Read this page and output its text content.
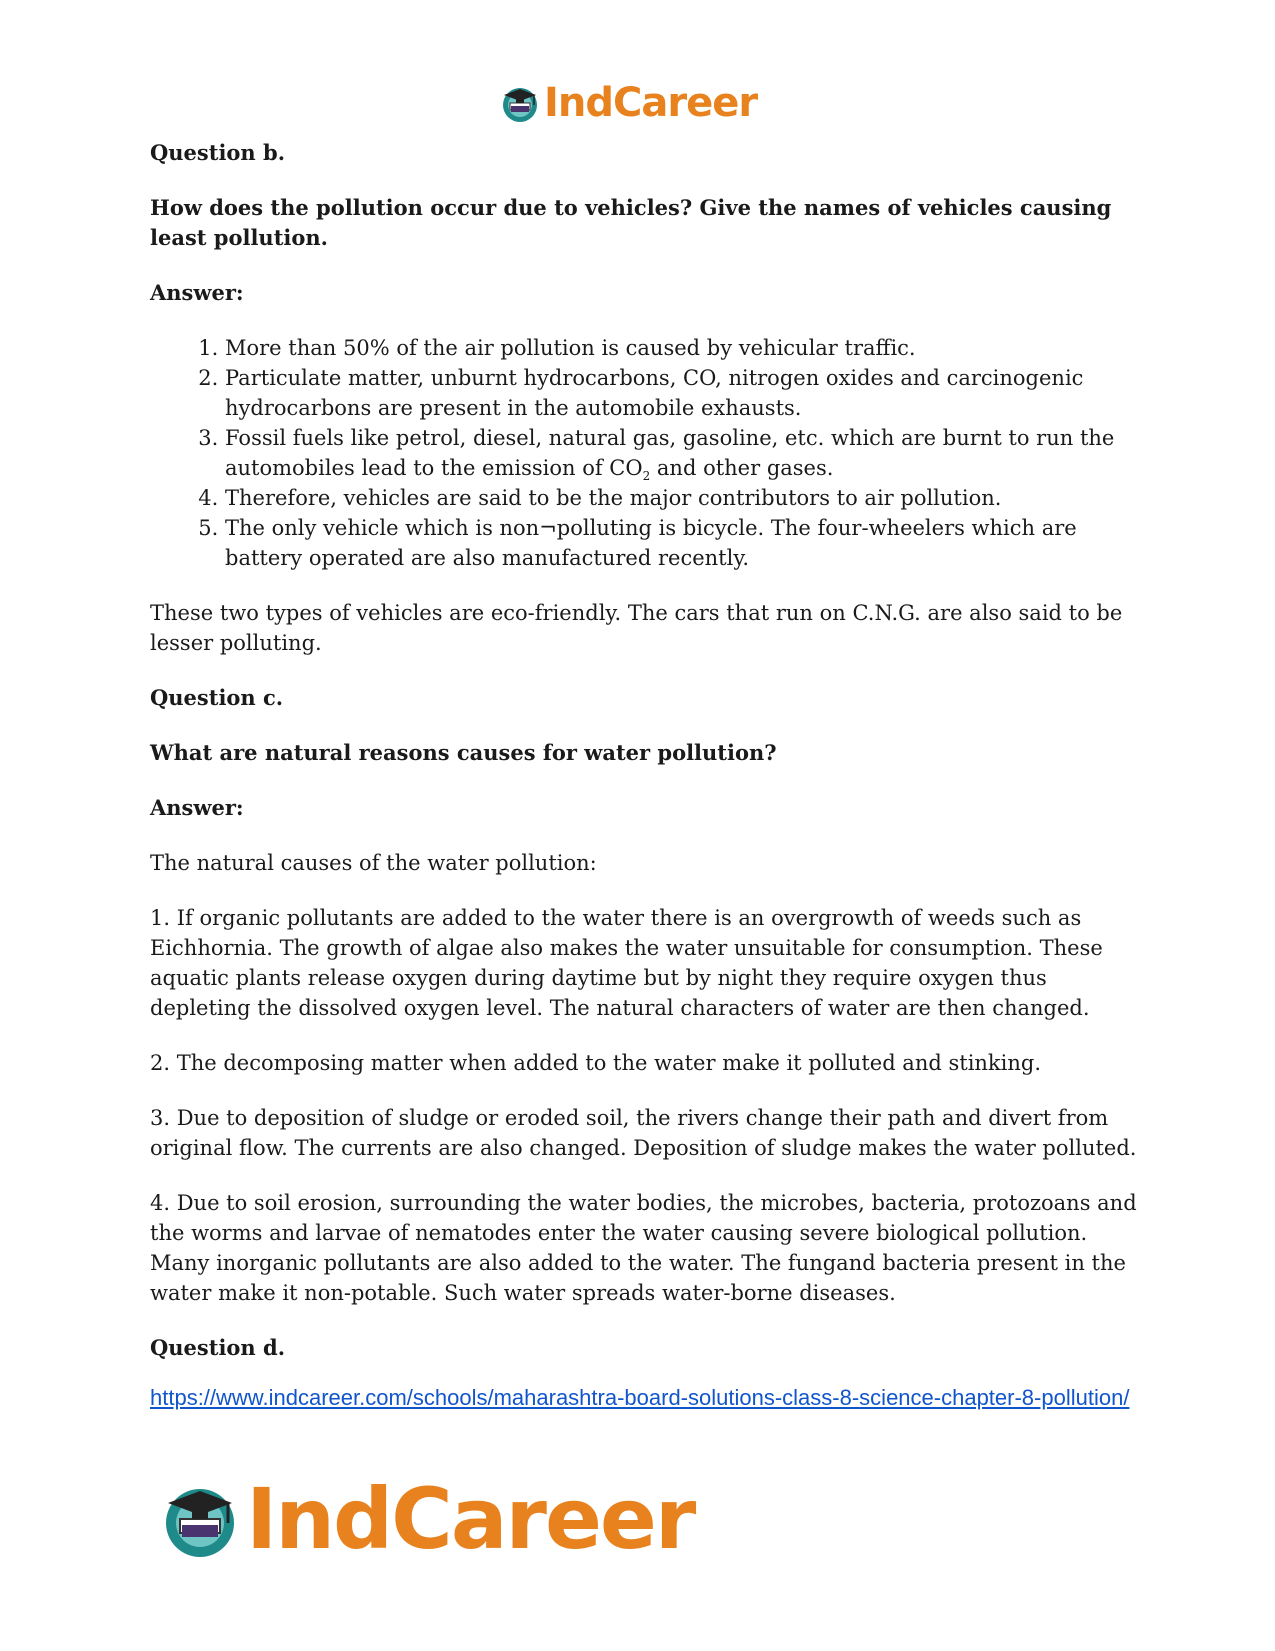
IndCareer

Question b.

How does the pollution occur due to vehicles? Give the names of vehicles causing least pollution.

Answer:

1. More than 50% of the air pollution is caused by vehicular traffic.
2. Particulate matter, unburnt hydrocarbons, CO, nitrogen oxides and carcinogenic hydrocarbons are present in the automobile exhausts.
3. Fossil fuels like petrol, diesel, natural gas, gasoline, etc. which are burnt to run the automobiles lead to the emission of $CO_2$ and other gases.
4. Therefore, vehicles are said to be the major contributors to air pollution.
5. The only vehicle which is non¬polluting is bicycle. The four-wheelers which are battery operated are also manufactured recently.

These two types of vehicles are eco-friendly. The cars that run on C.N.G. are also said to be lesser polluting.

Question c.

What are natural reasons causes for water pollution?

Answer:

The natural causes of the water pollution:

1. If organic pollutants are added to the water there is an overgrowth of weeds such as Eichhornia. The growth of algae also makes the water unsuitable for consumption. These aquatic plants release oxygen during daytime but by night they require oxygen thus depleting the dissolved oxygen level. The natural characters of water are then changed.

2. The decomposing matter when added to the water make it polluted and stinking.

3. Due to deposition of sludge or eroded soil, the rivers change their path and divert from original flow. The currents are also changed. Deposition of sludge makes the water polluted.

4. Due to soil erosion, surrounding the water bodies, the microbes, bacteria, protozoans and the worms and larvae of nematodes enter the water causing severe biological pollution. Many inorganic pollutants are also added to the water. The fungand bacteria present in the water make it non-potable. Such water spreads water-borne diseases.

Question d.

https://www.indcareer.com/schools/maharashtra-board-solutions-class-8-science-chapter-8-pollution/
IndCareer
